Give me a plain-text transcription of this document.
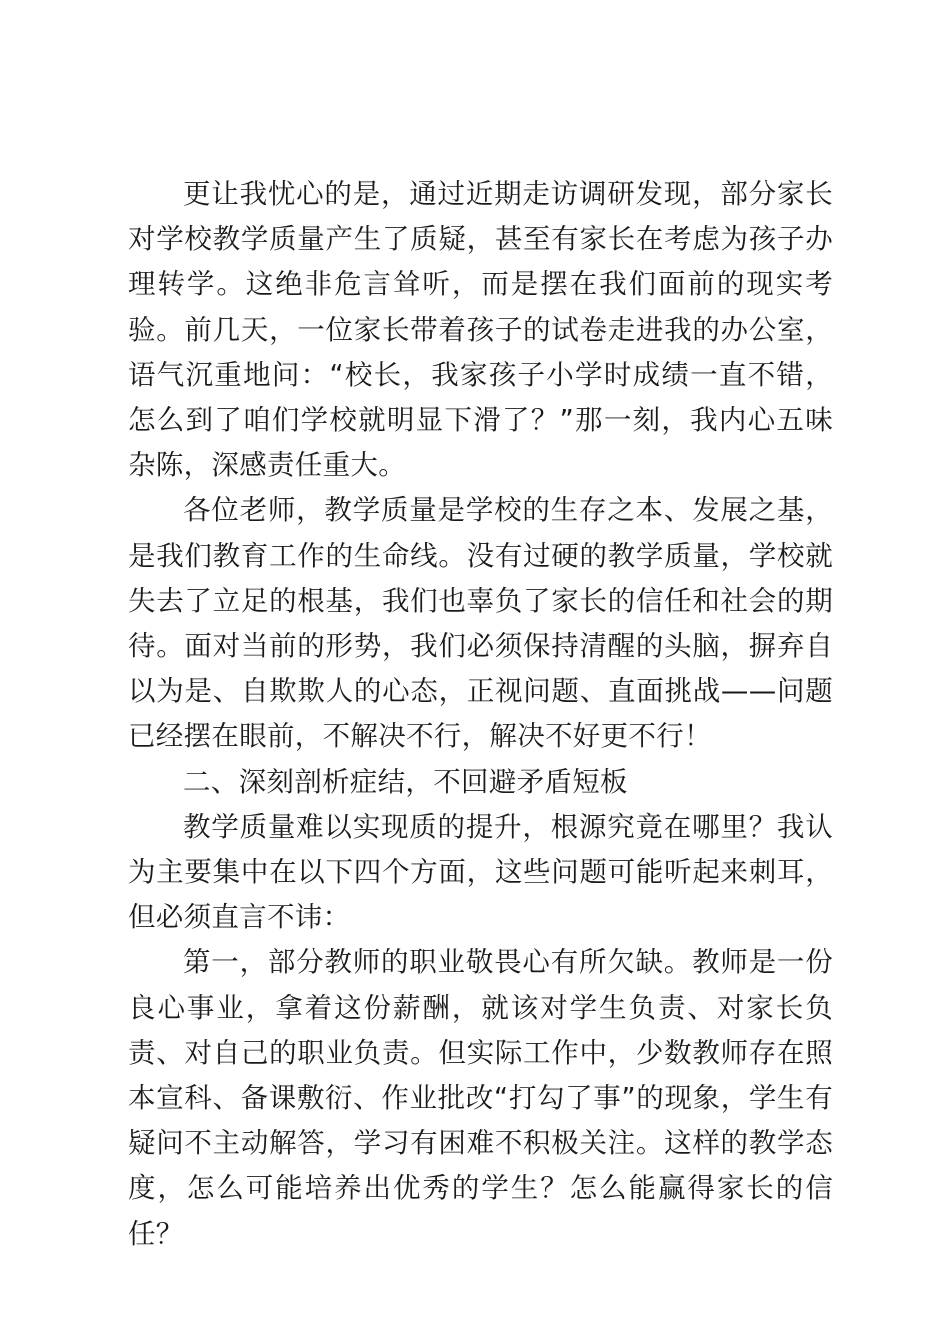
更让我忧心的是，通过近期走访调研发现，部分家长对学校教学质量产生了质疑，甚至有家长在考虑为孩子办理转学。这绝非危言耸听，而是摆在我们面前的现实考验。前几天，一位家长带着孩子的试卷走进我的办公室，语气沉重地问：“校长，我家孩子小学时成绩一直不错，怎么到了咱们学校就明显下滑了？”那一刻，我内心五味杂陈，深感责任重大。

各位老师，教学质量是学校的生存之本、发展之基，是我们教育工作的生命线。没有过硬的教学质量，学校就失去了立足的根基，我们也辜负了家长的信任和社会的期待。面对当前的形势，我们必须保持清醒的头脑，摒弃自以为是、自欺欺人的心态，正视问题、直面挑战——问题已经摆在眼前，不解决不行，解决不好更不行！

二、深刻剖析症结，不回避矛盾短板

教学质量难以实现质的提升，根源究竟在哪里？我认为主要集中在以下四个方面，这些问题可能听起来刺耳，但必须直言不讳：

第一，部分教师的职业敬畏心有所欠缺。教师是一份良心事业，拿着这份薪酬，就该对学生负责、对家长负责、对自己的职业负责。但实际工作中，少数教师存在照本宣科、备课敷衍、作业批改“打勾了事”的现象，学生有疑问不主动解答，学习有困难不积极关注。这样的教学态度，怎么可能培养出优秀的学生？怎么能赢得家长的信任？
